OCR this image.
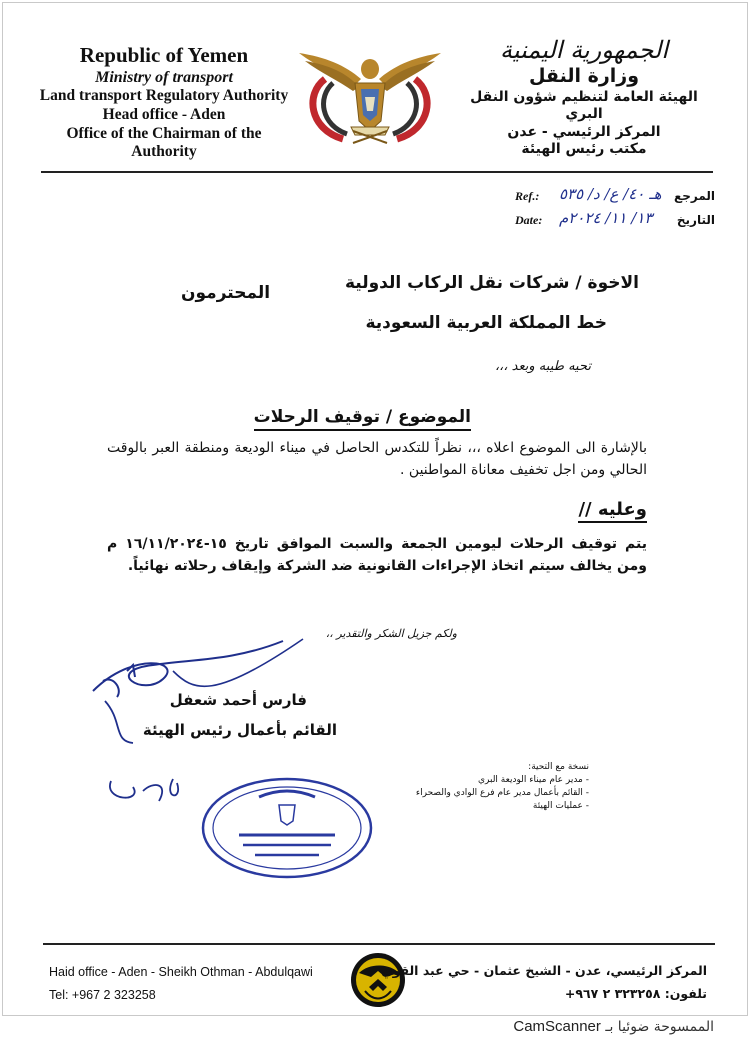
Republic of Yemen
Ministry of transport
Land transport Regulatory Authority
Head office - Aden
Office of the Chairman of the Authority
الجمهورية اليمنية
وزارة النقل
الهيئة العامة لتنظيم شؤون النقل البري
المركز الرئيسي - عدن
مكتب رئيس الهيئة
Ref.: هـ ٤٠/ ع/ د/ ٥٣٥ المرجع
Date: ١٣/ ١١/ ٢٠٢٤م التاريخ
الاخوة / شركات نقل الركاب الدولية
المحترمون
خط المملكة العربية السعودية
تحيه طيبه وبعد ،،،
الموضوع / توقيف الرحلات
بالإشارة الى الموضوع اعلاه ،،، نظراً للتكدس الحاصل في ميناء الوديعة ومنطقة العبر بالوقت الحالي ومن اجل تخفيف معاناة المواطنين .
وعليه //
يتم توقيف الرحلات ليومين الجمعة والسبت الموافق تاريخ ١٥-١٦/١١/٢٠٢٤ م ومن يخالف سيتم اتخاذ الإجراءات القانونية ضد الشركة وإيقاف رحلاته نهائياً.
ولكم جزيل الشكر والتقدير ،،
فارس أحمد شعفل
القائم بأعمال رئيس الهيئة
نسخة مع التحية:
- مدير عام ميناء الوديعة البري
- القائم بأعمال مدير عام فرع الوادي والصحراء
- عمليات الهيئة
Haid office - Aden - Sheikh Othman - Abdulqawi
Tel: +967 2 323258
المركز الرئيسي، عدن - الشيخ عثمان - حي عبد القوي
تلفون: ٣٢٣٢٥٨ ٢ ٩٦٧+
CamScanner الممسوحة ضوئيا بـ
